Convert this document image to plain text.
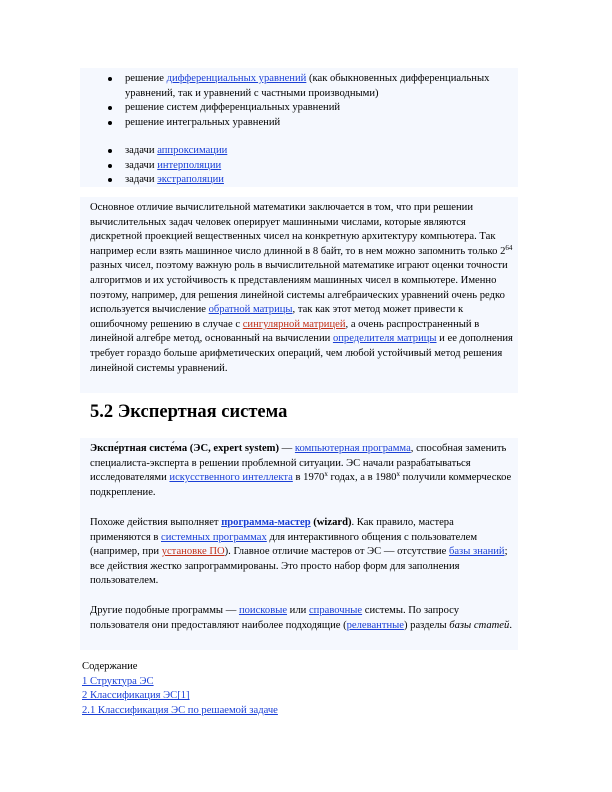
решение дифференциальных уравнений (как обыкновенных дифференциальных уравнений, так и уравнений с частными производными)
решение систем дифференциальных уравнений
решение интегральных уравнений
задачи аппроксимации
задачи интерполяции
задачи экстраполяции

Основное отличие вычислительной математики заключается в том, что при решении вычислительных задач человек оперирует машинными числами, которые являются дискретной проекцией вещественных чисел на конкретную архитектуру компьютера. Так например если взять машинное число длинной в 8 байт, то в нем можно запомнить только $2^{64}$ разных чисел, поэтому важную роль в вычислительной математике играют оценки точности алгоритмов и их устойчивость к представлениям машинных чисел в компьютере. Именно поэтому, например, для решения линейной системы алгебраических уравнений очень редко используется вычисление обратной матрицы, так как этот метод может привести к ошибочному решению в случае с сингулярной матрицей, а очень распространенный в линейной алгебре метод, основанный на вычислении определителя матрицы и ее дополнения требует гораздо больше арифметических операций, чем любой устойчивый метод решения линейной системы уравнений.

5.2 Экспертная система

Экспе́ртная систе́ма (ЭС, expert system) — компьютерная программа, способная заменить специалиста-эксперта в решении проблемной ситуации. ЭС начали разрабатываться исследователями искусственного интеллекта в $1970^х$ годах, а в $1980^х$ получили коммерческое подкрепление.

Похоже действия выполняет программа-мастер (wizard). Как правило, мастера применяются в системных программах для интерактивного общения с пользователем (например, при установке ПО). Главное отличие мастеров от ЭС — отсутствие базы знаний; все действия жестко запрограммированы. Это просто набор форм для заполнения пользователем.

Другие подобные программы — поисковые или справочные системы. По запросу пользователя они предоставляют наиболее подходящие (релевантные) разделы базы статей.

Содержание
1 Структура ЭС
2 Классификация ЭС[1]
2.1 Классификация ЭС по решаемой задаче
